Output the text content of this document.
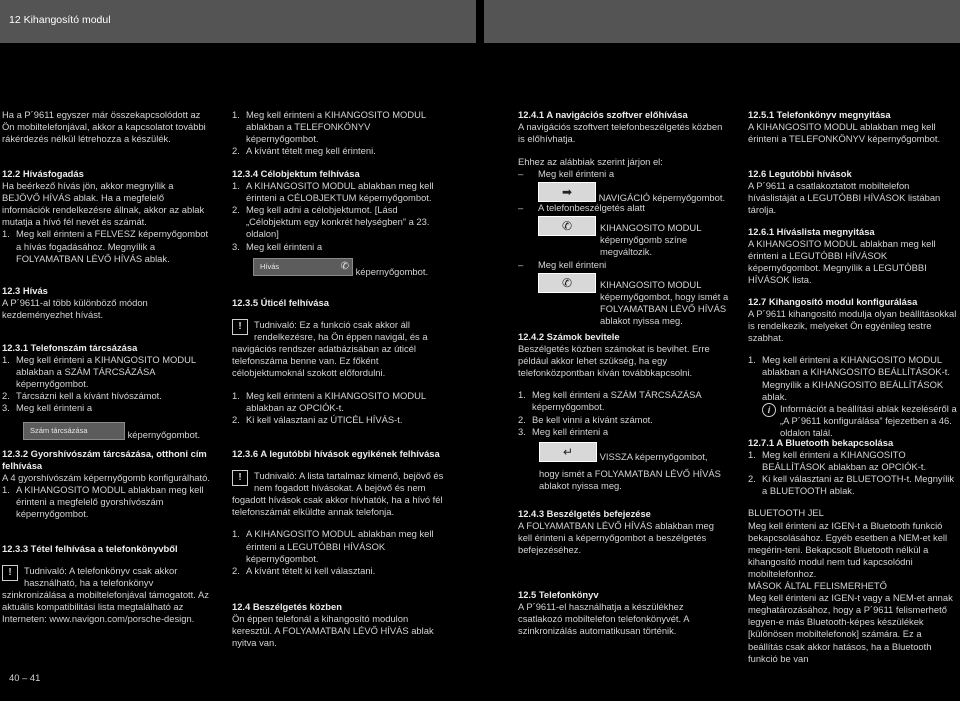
12 Kihangosító modul

Ha a P´9611 egyszer már összekapcsolódott az Ön mobiltelefonjával, akkor a kapcsolatot további rákérdezés nélkül létrehozza a készülék.

12.2 Hívásfogadás

Ha beérkező hívás jön, akkor megnyílik a BEJÖVŐ HÍVÁS ablak. Ha a megfelelő információk rendelkezésre állnak, akkor az ablak mutatja a hívó fél nevét és számát.

1. Meg kell érinteni a FELVESZ képernyőgombot a hívás fogadásához. Megnyílik a FOLYAMATBAN LÉVŐ HÍVÁS ablak.
12.3 Hívás

A P´9611-al több különböző módon kezdeményezhet hívást.

12.3.1 Telefonszám tárcsázása
1. Meg kell érinteni a KIHANGOSITO MODUL ablakban a SZÁM TÁRCSÁZÁSA képernyőgombot.
2. Tárcsázni kell a kívánt hívószámot.
3. Meg kell érinteni a
Szám tárcsázása	képernyőgombot.
12.3.2 Gyorshívószám tárcsázása, otthoni cím felhívása

A 4 gyorshívószám képernyőgomb konfigurálható.

1. A KIHANGOSITO MODUL ablakban meg kell érinteni a megfelelő gyorshívószám képernyőgombot.
12.3.3 Tétel felhívása a telefonkönyvből
!	Tudnivaló: A telefonkönyv csak akkor használható, ha a telefonkönyv szinkronizálása a mobiltelefonjával támogatott. Az aktuális kompatibilitási lista megtalálható az Interneten: www.navigon.com/porsche-design.
40 – 41
1. Meg kell érinteni a KIHANGOSITO MODUL ablakban a TELEFONKÖNYV képernyőgombot.
2. A kívánt tételt meg kell érinteni.
12.3.4 Célobjektum felhívása
1. A KIHANGOSITO MODUL ablakban meg kell érinteni a CÉLOBJEKTUM képernyőgombot.
2. Meg kell adni a célobjektumot. [Lásd „Célobjektum egy konkrét helységben” a 23. oldalon]
3. Meg kell érinteni a
Hívás	✆ képernyőgombot.
12.3.5 Úticél felhívása
!	Tudnivaló: Ez a funkció csak akkor áll rendelkezésre, ha Ön éppen navigál, és a navigációs rendszer adatbázisában az úticél telefonszáma benne van. Ez főként célobjektumoknál szokott előfordulni.
1. Meg kell érinteni a KIHANGOSITO MODUL ablakban az OPCIÓK-t.
2. Ki kell választani az ÚTICÉL HÍVÁS-t.
12.3.6 A legutóbbi hívások egyikének felhívása
!	Tudnivaló: A lista tartalmaz kimenő, bejövő és nem fogadott hívásokat. A bejövő és nem fogadott hívások csak akkor hívhatók, ha a hívó fél telefonszámát elküldte annak telefonja.
1. A KIHANGOSITO MODUL ablakban meg kell érinteni a LEGUTÓBBI HÍVÁSOK képernyőgombot.
2. A kívánt tételt ki kell választani.
12.4 Beszélgetés közben

Ön éppen telefonál a kihangosító modulon keresztül. A FOLYAMATBAN LÉVŐ HÍVÁS ablak nyitva van.

12.4.1 A navigációs szoftver előhívása

A navigációs szoftvert telefonbeszélgetés közben is előhívhatja.

Ehhez az alábbiak szerint járjon el:

–	Meg kell érinteni a
➡	NAVIGÁCIÓ képernyőgombot.
–	A telefonbeszélgetés alatt
✆	KIHANGOSITO MODUL képernyőgomb színe megváltozik.
–	Meg kell érinteni
✆	KIHANGOSITO MODUL képernyőgombot, hogy ismét a FOLYAMATBAN LÉVŐ HÍVÁS ablakot nyissa meg.
12.4.2 Számok bevitele

Beszélgetés közben számokat is bevihet. Erre például akkor lehet szükség, ha egy telefonközpontban kíván továbbkapcsolni.

1. Meg kell érinteni a SZÁM TÁRCSÁZÁSA képernyőgombot.
2. Be kell vinni a kívánt számot.
3. Meg kell érinteni a
↵	VISSZA képernyőgombot, hogy ismét a FOLYAMATBAN LÉVŐ HÍVÁS ablakot nyissa meg.
12.4.3 Beszélgetés befejezése

A FOLYAMATBAN LÉVŐ HÍVÁS ablakban meg kell érinteni a képernyőgombot a beszélgetés befejezéséhez.

12.5 Telefonkönyv

A P´9611-el használhatja a készülékhez csatlakozó mobiltelefon telefonkönyvét. A szinkronizálás automatikusan történik.

12.5.1 Telefonkönyv megnyitása

A KIHANGOSITO MODUL ablakban meg kell érinteni a TELEFONKÖNYV képernyőgombot.

12.6 Legutóbbi hívások

A P´9611 a csatlakoztatott mobiltelefon híváslistáját a LEGUTÓBBI HÍVÁSOK listában tárolja.

12.6.1 Híváslista megnyitása

A KIHANGOSITO MODUL ablakban meg kell érinteni a LEGUTÓBBI HÍVÁSOK képernyőgombot. Megnyílik a LEGUTÓBBI HÍVÁSOK lista.

12.7 Kihangosító modul konfigurálása

A P´9611 kihangosító modulja olyan beállításokkal is rendelkezik, melyeket Ön egyénileg testre szabhat.

1. Meg kell érinteni a KIHANGOSITO MODUL ablakban a KIHANGOSITO BEÁLLÍTÁSOK-t. Megnyílik a KIHANGOSITO BEÁLLÍTÁSOK ablak.
i	Információt a beállítási ablak kezeléséről a „A P´9611 konfigurálása” fejezetben a 46. oldalon talál.
12.7.1 A Bluetooth bekapcsolása
1. Meg kell érinteni a KIHANGOSITO BEÁLLÍTÁSOK ablakban az OPCIÓK-t.
2. Ki kell választani az BLUETOOTH-t. Megnyílik a BLUETOOTH ablak.
BLUETOOTH JEL

Meg kell érinteni az IGEN-t a Bluetooth funkció bekapcsolásához. Egyéb esetben a NEM-et kell megérin-teni. Bekapcsolt Bluetooth nélkül a kihangosító modul nem tud kapcsolódni mobiltelefonhoz.

MÁSOK ÁLTAL FELISMERHETŐ

Meg kell érinteni az IGEN-t vagy a NEM-et annak meghatározásához, hogy a P´9611 felismerhető legyen-e más Bluetooth-képes készülékek [különösen mobiltelefonok] számára. Ez a beállítás csak akkor hatásos, ha a Bluetooth funkció be van
